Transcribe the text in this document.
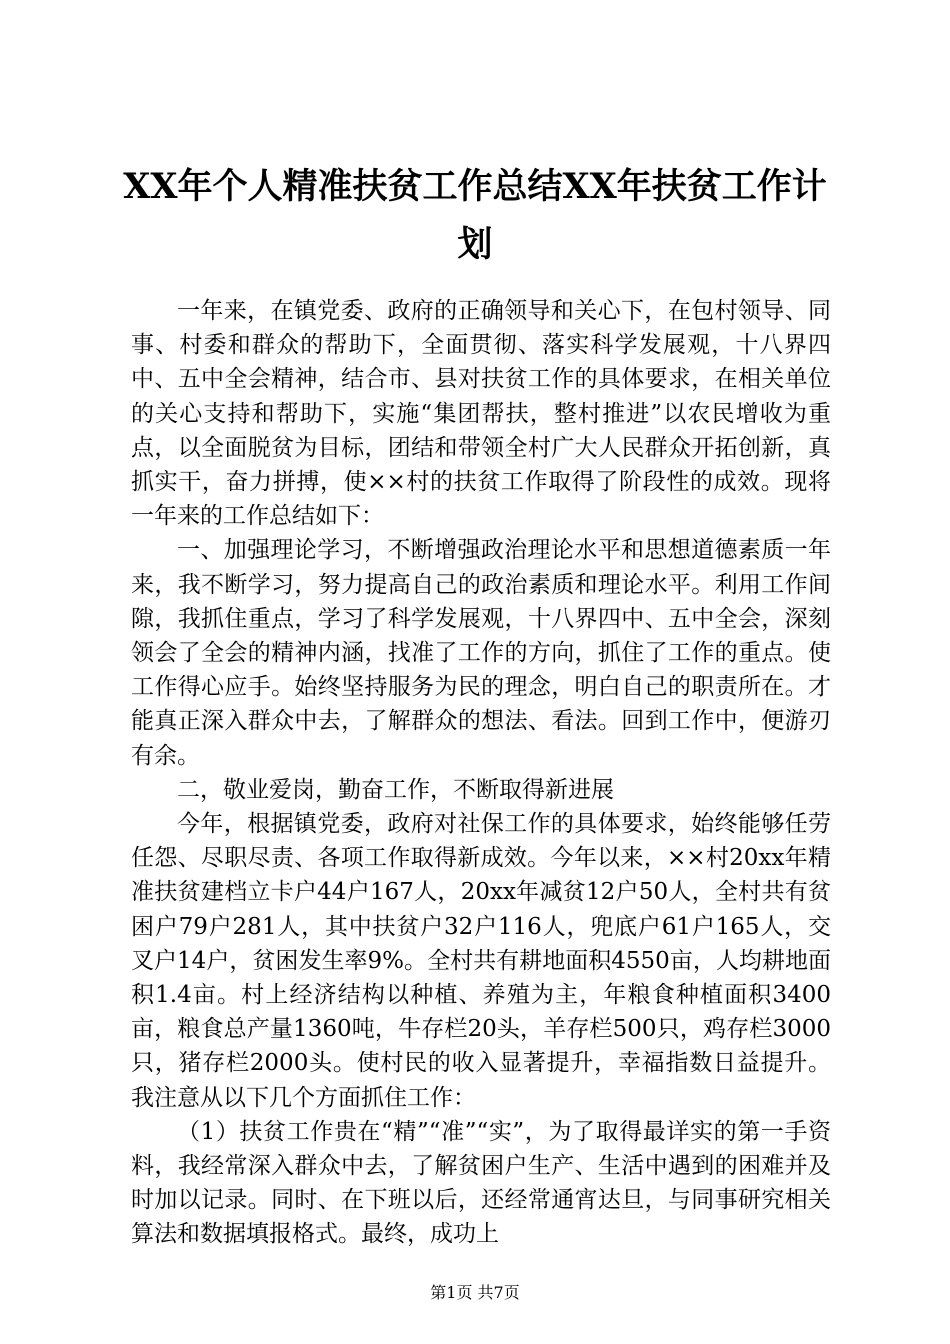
XX年个人精准扶贫工作总结XX年扶贫工作计划

一年来，在镇党委、政府的正确领导和关心下，在包村领导、同事、村委和群众的帮助下，全面贯彻、落实科学发展观，十八界四中、五中全会精神，结合市、县对扶贫工作的具体要求，在相关单位的关心支持和帮助下，实施“集团帮扶，整村推进”以农民增收为重点，以全面脱贫为目标，团结和带领全村广大人民群众开拓创新，真抓实干，奋力拼搏，使××村的扶贫工作取得了阶段性的成效。现将一年来的工作总结如下：

一、加强理论学习，不断增强政治理论水平和思想道德素质一年来，我不断学习，努力提高自己的政治素质和理论水平。利用工作间隙，我抓住重点，学习了科学发展观，十八界四中、五中全会，深刻领会了全会的精神内涵，找准了工作的方向，抓住了工作的重点。使工作得心应手。始终坚持服务为民的理念，明白自己的职责所在。才能真正深入群众中去，了解群众的想法、看法。回到工作中，便游刃有余。

二，敬业爱岗，勤奋工作，不断取得新进展

今年，根据镇党委，政府对社保工作的具体要求，始终能够任劳任怨、尽职尽责、各项工作取得新成效。今年以来，××村20xx年精准扶贫建档立卡户44户167人，20xx年减贫12户50人，全村共有贫困户79户281人，其中扶贫户32户116人，兜底户61户165人，交叉户14户，贫困发生率9%。全村共有耕地面积4550亩，人均耕地面积1.4亩。村上经济结构以种植、养殖为主，年粮食种植面积3400亩，粮食总产量1360吨，牛存栏20头，羊存栏500只，鸡存栏3000只，猪存栏2000头。使村民的收入显著提升，幸福指数日益提升。我注意从以下几个方面抓住工作：

（1）扶贫工作贵在“精”“准”“实”，为了取得最详实的第一手资料，我经常深入群众中去，了解贫困户生产、生活中遇到的困难并及时加以记录。同时、在下班以后，还经常通宵达旦，与同事研究相关算法和数据填报格式。最终，成功上

第1页 共7页
